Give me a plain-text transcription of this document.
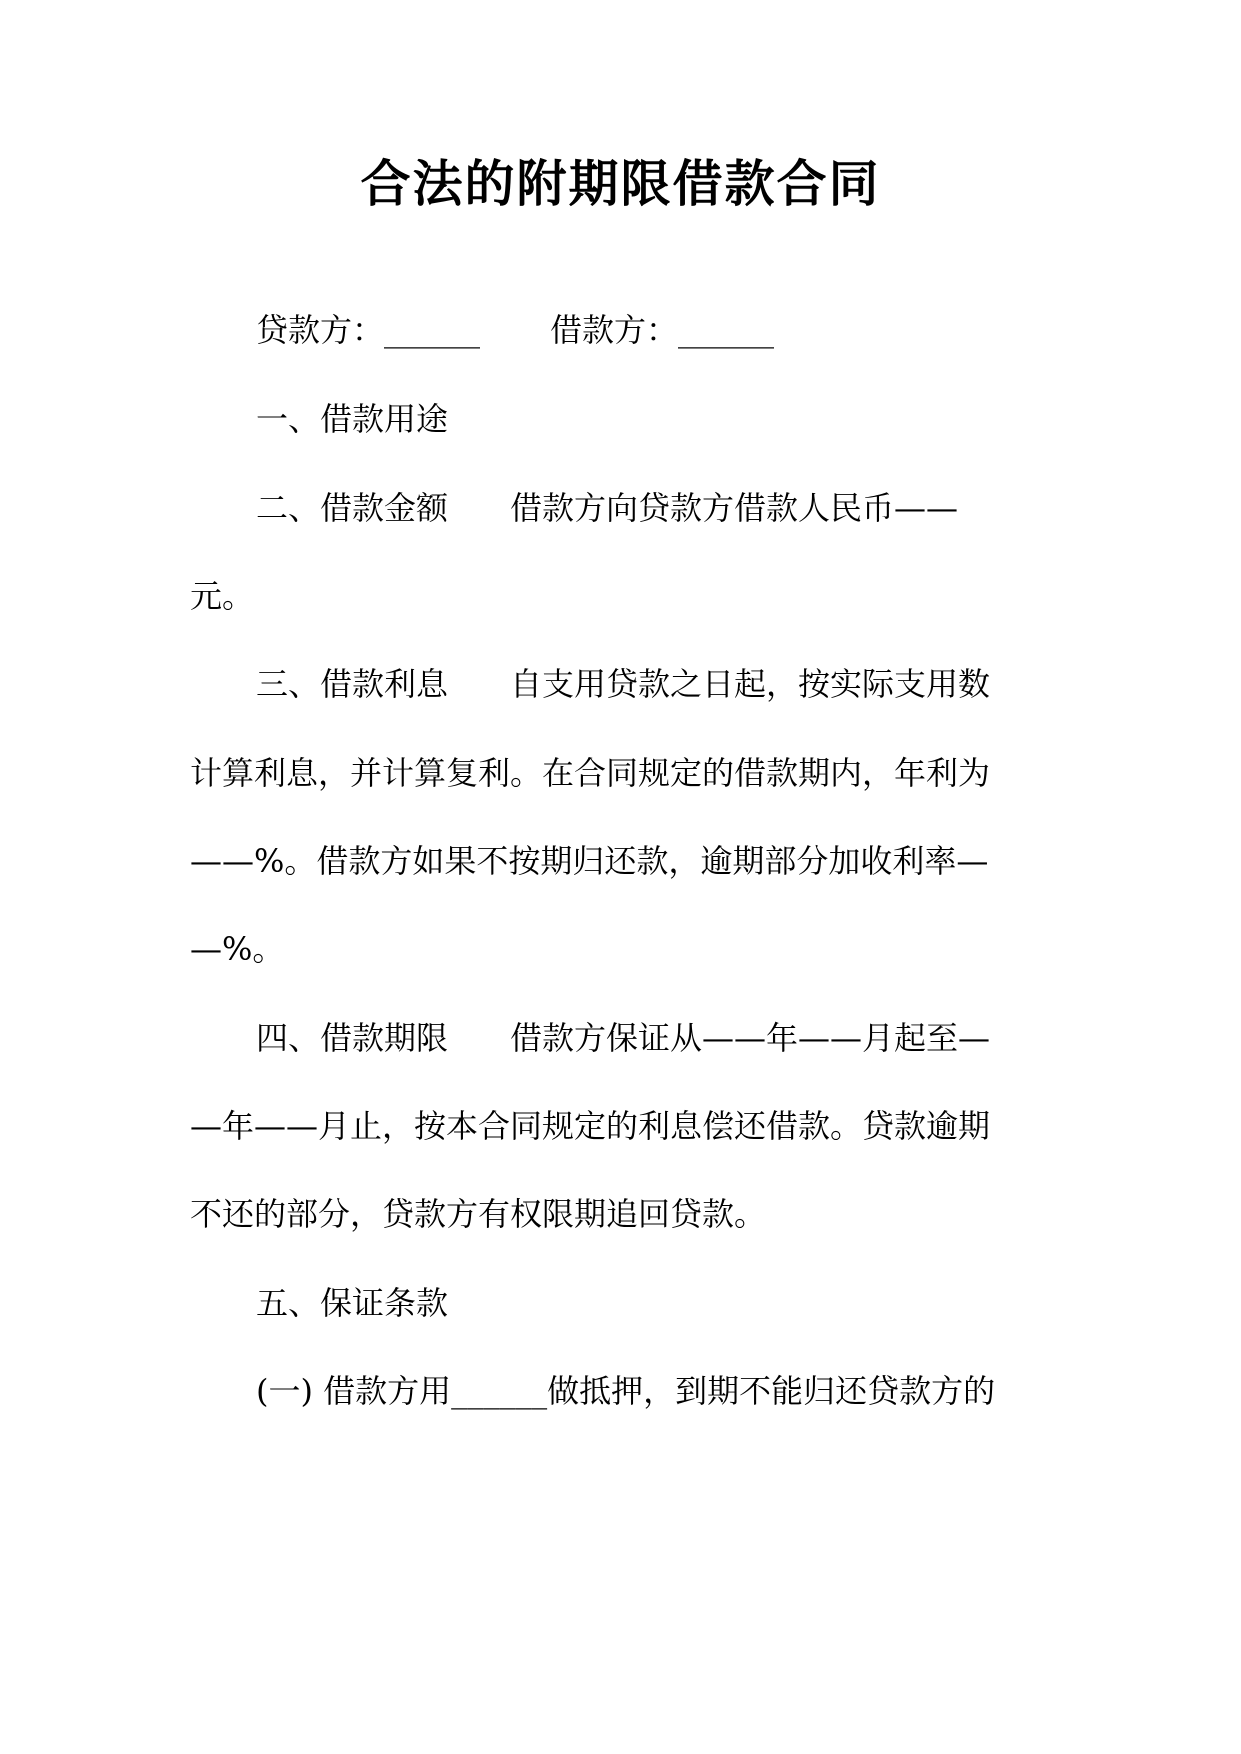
合法的附期限借款合同
贷款方：______ 借款方：______
一、借款用途
二、借款金额 借款方向贷款方借款人民币——
元。
三、借款利息 自支用贷款之日起，按实际支用数
计算利息，并计算复利。在合同规定的借款期内，年利为
——%。借款方如果不按期归还款，逾期部分加收利率—
—%。
四、借款期限 借款方保证从——年——月起至—
—年——月止，按本合同规定的利息偿还借款。贷款逾期
不还的部分，贷款方有权限期追回贷款。
五、保证条款
(一) 借款方用______做抵押，到期不能归还贷款方的
